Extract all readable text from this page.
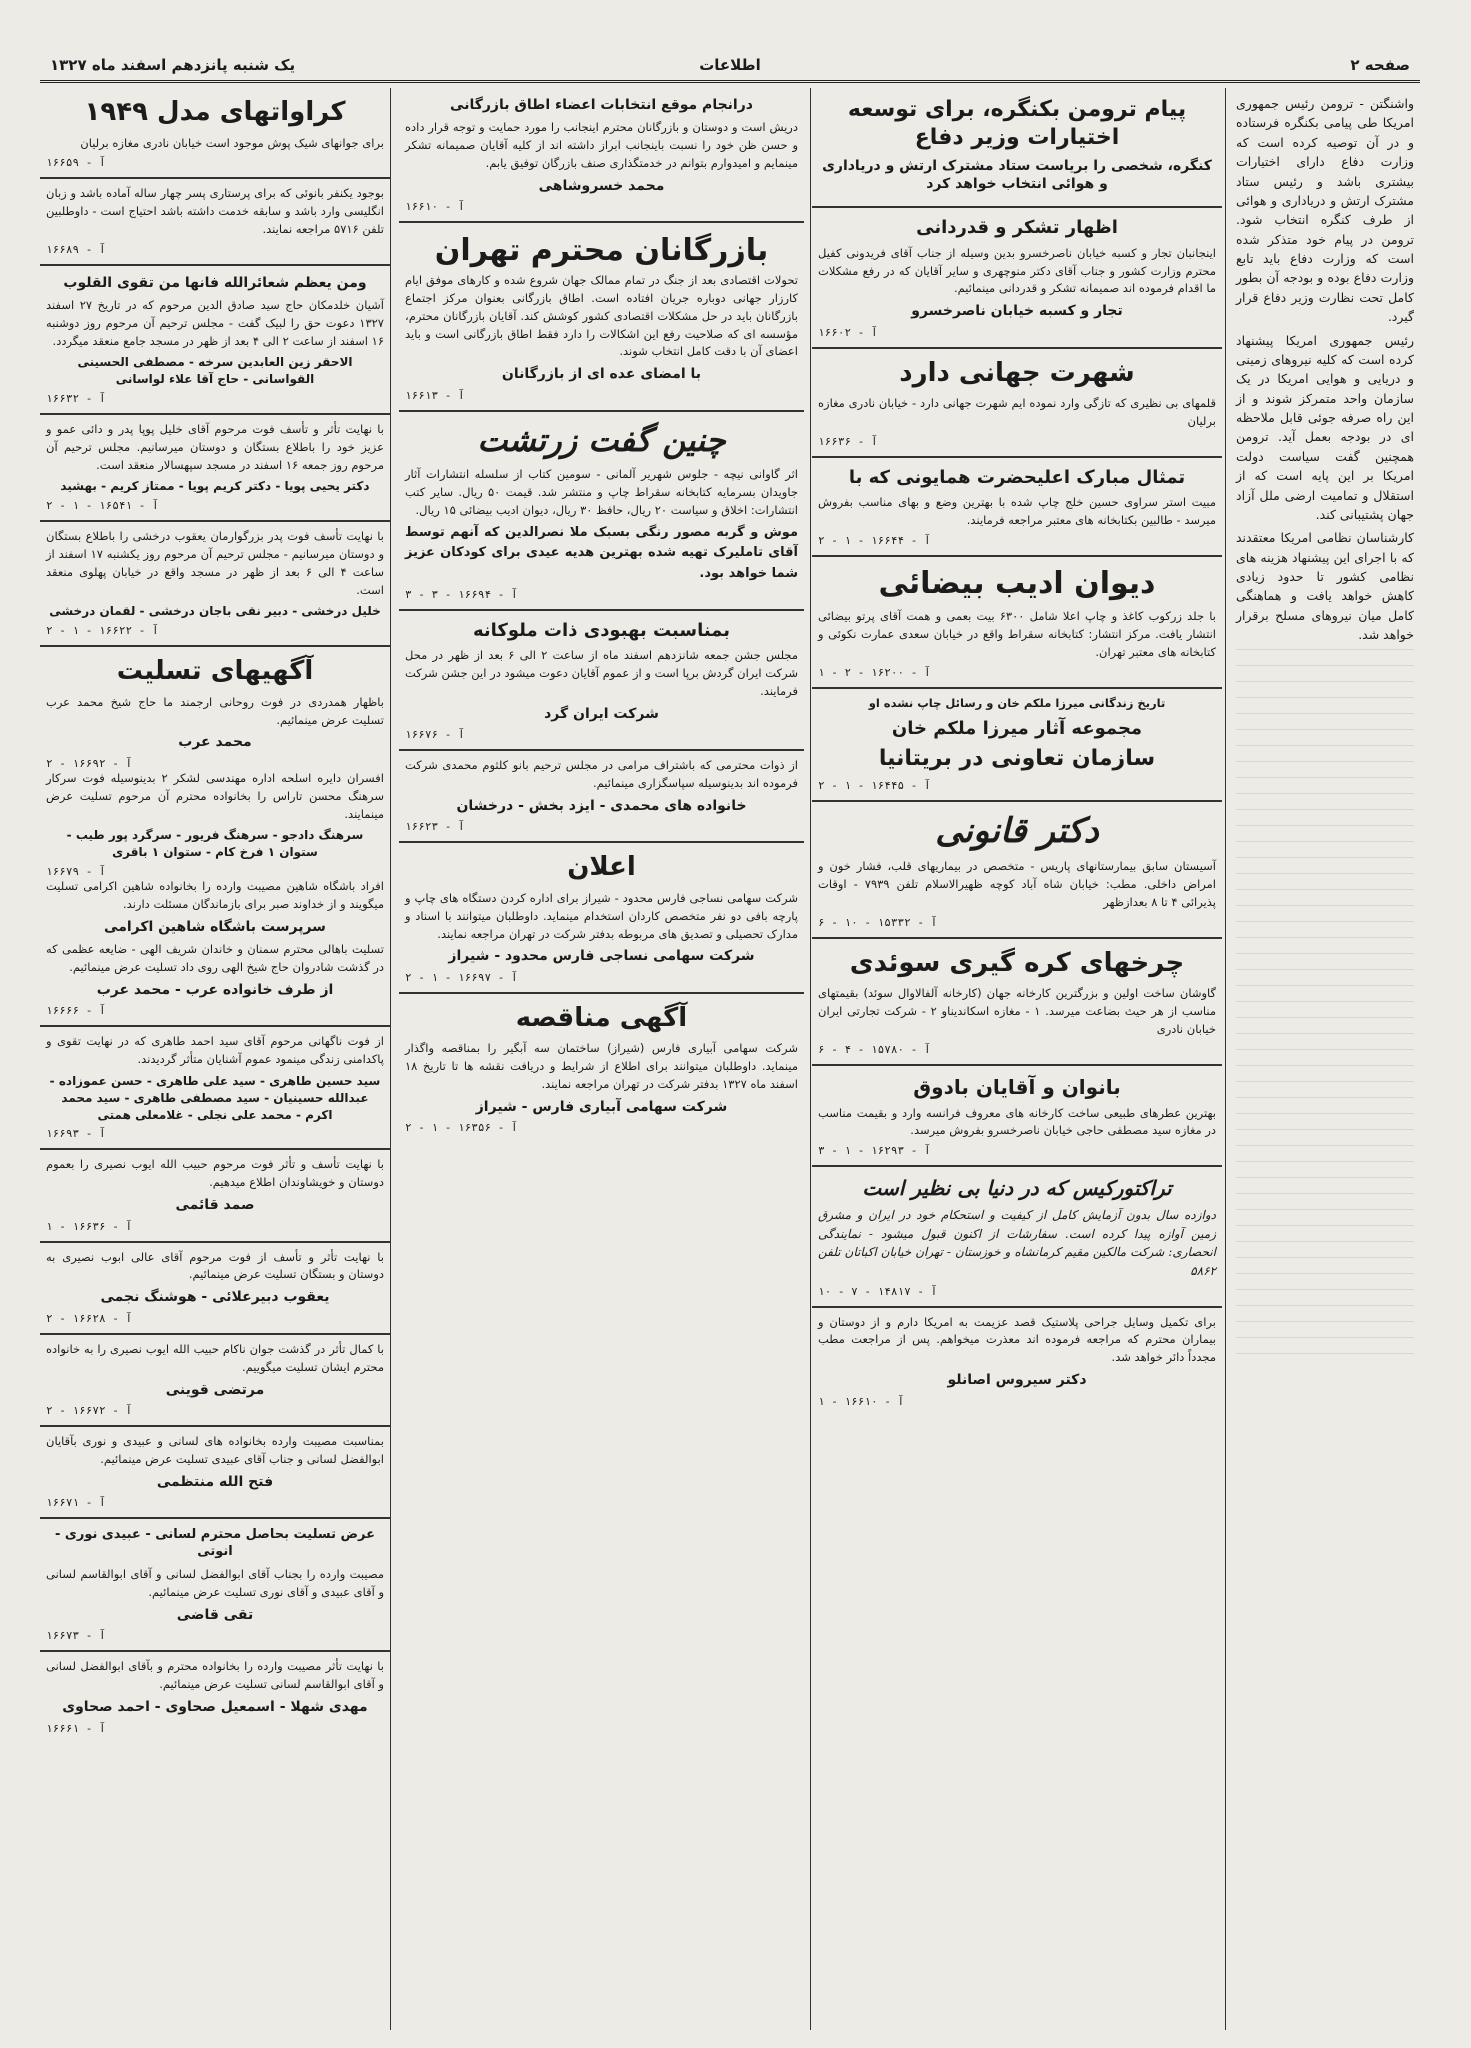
صفحه ۲
اطلاعات
یک شنبه پانزدهم اسفند ماه ۱۳۲۷

واشنگتن - ترومن رئیس جمهوری امریکا طی پیامی بکنگره فرستاده و در آن توصیه کرده است که وزارت دفاع دارای اختیارات بیشتری باشد و رئیس ستاد مشترک ارتش و دریاداری و هوائی از طرف کنگره انتخاب شود. ترومن در پیام خود متذکر شده است که وزارت دفاع باید تابع وزارت دفاع بوده و بودجه آن بطور کامل تحت نظارت وزیر دفاع قرار گیرد.

رئیس جمهوری امریکا پیشنهاد کرده است که کلیه نیروهای زمینی و دریایی و هوایی امریکا در یک سازمان واحد متمرکز شوند و از این راه صرفه جوئی قابل ملاحظه ای در بودجه بعمل آید. ترومن همچنین گفت سیاست دولت امریکا بر این پایه است که از استقلال و تمامیت ارضی ملل آزاد جهان پشتیبانی کند.

کارشناسان نظامی امریکا معتقدند که با اجرای این پیشنهاد هزینه های نظامی کشور تا حدود زیادی کاهش خواهد یافت و هماهنگی کامل میان نیروهای مسلح برقرار خواهد شد.

پیام ترومن بکنگره، برای توسعه اختیارات وزیر دفاع
کنگره، شخصی را بریاست ستاد مشترک ارتش و دریاداری و هوائی انتخاب خواهد کرد
اظهار تشکر و قدردانی

اینجانبان تجار و کسبه خیابان ناصرخسرو بدین وسیله از جناب آقای فریدونی کفیل محترم وزارت کشور و جناب آقای دکتر منوچهری و سایر آقایان که در رفع مشکلات ما اقدام فرموده اند صمیمانه تشکر و قدردانی مینمائیم.

تجار و کسبه خیابان ناصرخسرو
آ - ۱۶۶۰۲
شهرت جهانی دارد

قلمهای بی نظیری که تازگی وارد نموده ایم شهرت جهانی دارد - خیابان نادری مغازه برلیان

آ - ۱۶۶۳۶
تمثال مبارک اعلیحضرت همایونی که با

مبیت استر سراوی حسین خلج چاپ شده با بهترین وضع و بهای مناسب بفروش میرسد - طالبین بکتابخانه های معتبر مراجعه فرمایند.

آ - ۱۶۶۴۴ - ۱ - ۲
دیوان ادیب بیضائی

با جلد زرکوب کاغذ و چاپ اعلا شامل ۶۳۰۰ بیت بعمی و همت آقای پرتو بیضائی انتشار یافت. مرکز انتشار: کتابخانه سقراط واقع در خیابان سعدی عمارت نکوئی و کتابخانه های معتبر تهران.

آ - ۱۶۲۰۰ - ۲ - ۱

تاریخ زندگانی میرزا ملکم خان و رسائل چاپ نشده او

مجموعه آثار میرزا ملکم خان
سازمان تعاونی در بریتانیا
آ - ۱۶۴۴۵ - ۱ - ۲
دکتر قانونی

آسیستان سابق بیمارستانهای پاریس - متخصص در بیماریهای قلب، فشار خون و امراض داخلی. مطب: خیابان شاه آباد کوچه ظهیرالاسلام تلفن ۷۹۳۹ - اوقات پذیرائی ۴ تا ۸ بعدازظهر

آ - ۱۵۳۳۲ - ۱۰ - ۶
چرخهای کره گیری سوئدی

گاوشان ساخت اولین و بزرگترین کارخانه جهان (کارخانه آلفالاوال سوئد) بقیمتهای مناسب از هر حیث بضاعت میرسد. ۱ - مغازه اسکاندیناو ۲ - شرکت تجارتی ایران خیابان نادری

آ - ۱۵۷۸۰ - ۴ - ۶
بانوان و آقایان بادوق

بهترین عطرهای طبیعی ساخت کارخانه های معروف فرانسه وارد و بقیمت مناسب در مغازه سید مصطفی حاجی خیابان ناصرخسرو بفروش میرسد.

آ - ۱۶۲۹۳ - ۱ - ۳
تراکتورکیس که در دنیا بی نظیر است

دوازده سال بدون آزمایش کامل از کیفیت و استحکام خود در ایران و مشرق زمین آوازه پیدا کرده است. سفارشات از اکنون قبول میشود - نمایندگی انحصاری: شرکت مالکین مقیم کرمانشاه و خوزستان - تهران خیابان اکباتان تلفن ۵۸۶۲

آ - ۱۴۸۱۷ - ۷ - ۱۰

برای تکمیل وسایل جراحی پلاستیک قصد عزیمت به امریکا دارم و از دوستان و بیماران محترم که مراجعه فرموده اند معذرت میخواهم. پس از مراجعت مطب مجدداً دائر خواهد شد.

دکتر سیروس اصانلو
آ - ۱۶۶۱۰ - ۱
درانجام موقع انتخابات اعضاء اطاق بازرگانی

دریش است و دوستان و بازرگانان محترم اینجانب را مورد حمایت و توجه قرار داده و حسن ظن خود را نسبت باینجانب ابراز داشته اند از کلیه آقایان صمیمانه تشکر مینمایم و امیدوارم بتوانم در خدمتگذاری صنف بازرگان توفیق یابم.

محمد خسروشاهی
آ - ۱۶۶۱۰
بازرگانان محترم تهران

تحولات اقتصادی بعد از جنگ در تمام ممالک جهان شروع شده و کارهای موفق ایام کارزار جهانی دوباره جریان افتاده است. اطاق بازرگانی بعنوان مرکز اجتماع بازرگانان باید در حل مشکلات اقتصادی کشور کوشش کند. آقایان بازرگانان محترم، مؤسسه ای که صلاحیت رفع این اشکالات را دارد فقط اطاق بازرگانی است و باید اعضای آن با دقت کامل انتخاب شوند.

با امضای عده ای از بازرگانان
آ - ۱۶۶۱۳
چنین گفت زرتشت

اثر گاوانی نیچه - جلوس شهریر آلمانی - سومین کتاب از سلسله انتشارات آثار جاویدان بسرمایه کتابخانه سقراط چاپ و منتشر شد. قیمت ۵۰ ریال. سایر کتب انتشارات: اخلاق و سیاست ۲۰ ریال، حافظ ۳۰ ریال، دیوان ادیب بیضائی ۱۵ ریال.

موش و گربه مصور رنگی بسبک ملا نصرالدین که آنهم توسط آقای تاملیرک تهیه شده بهترین هدیه عیدی برای کودکان عزیز شما خواهد بود.

آ - ۱۶۶۹۴ - ۳ - ۳
بمناسبت بهبودی ذات ملوکانه

مجلس جشن جمعه شانزدهم اسفند ماه از ساعت ۲ الی ۶ بعد از ظهر در محل شرکت ایران گردش برپا است و از عموم آقایان دعوت میشود در این جشن شرکت فرمایند.

شرکت ایران گرد
آ - ۱۶۶۷۶

از ذوات محترمی که باشتراف مرامی در مجلس ترحیم بانو کلثوم محمدی شرکت فرموده اند بدینوسیله سپاسگزاری مینمائیم.

خانواده های محمدی - ایزد بخش - درخشان
آ - ۱۶۶۲۳
اعلان

شرکت سهامی نساجی فارس محدود - شیراز برای اداره کردن دستگاه های چاپ و پارچه بافی دو نفر متخصص کاردان استخدام مینماید. داوطلبان میتوانند با اسناد و مدارک تحصیلی و تصدیق های مربوطه بدفتر شرکت در تهران مراجعه نمایند.

شرکت سهامی نساجی فارس محدود - شیراز
آ - ۱۶۶۹۷ - ۱ - ۲
آگهی مناقصه

شرکت سهامی آبیاری فارس (شیراز) ساختمان سه آبگیر را بمناقصه واگذار مینماید. داوطلبان میتوانند برای اطلاع از شرایط و دریافت نقشه ها تا تاریخ ۱۸ اسفند ماه ۱۳۲۷ بدفتر شرکت در تهران مراجعه نمایند.

شرکت سهامی آبیاری فارس - شیراز
آ - ۱۶۳۵۶ - ۱ - ۲
کراواتهای مدل ۱۹۴۹

برای جوانهای شیک پوش موجود است خیابان نادری مغازه برلیان

آ - ۱۶۶۵۹

بوجود یکنفر بانوئی که برای پرستاری پسر چهار ساله آماده باشد و زبان انگلیسی وارد باشد و سابقه خدمت داشته باشد احتیاج است - داوطلبین تلفن ۵۷۱۶ مراجعه نمایند.

آ - ۱۶۶۸۹
ومن یعظم شعائرالله فانها من تقوی القلوب

آشیان خلدمکان حاج سید صادق الدین مرحوم که در تاریخ ۲۷ اسفند ۱۳۲۷ دعوت حق را لبیک گفت - مجلس ترحیم آن مرحوم روز دوشنبه ۱۶ اسفند از ساعت ۲ الی ۴ بعد از ظهر در مسجد جامع منعقد میگردد.

الاحقر زین العابدین سرخه - مصطفی الحسینی القواسانی - حاج آقا علاء لواسانی
آ - ۱۶۶۳۲

با نهایت تأثر و تأسف فوت مرحوم آقای خلیل پوپا پدر و دائی عمو و عزیز خود را باطلاع بستگان و دوستان میرسانیم. مجلس ترحیم آن مرحوم روز جمعه ۱۶ اسفند در مسجد سپهسالار منعقد است.

دکتر یحیی پویا - دکتر کریم پویا - ممتاز کریم - بهشید
آ - ۱۶۵۴۱ - ۱ - ۲

با نهایت تأسف فوت پدر بزرگوارمان یعقوب درخشی را باطلاع بستگان و دوستان میرسانیم - مجلس ترحیم آن مرحوم روز یکشنبه ۱۷ اسفند از ساعت ۴ الی ۶ بعد از ظهر در مسجد واقع در خیابان پهلوی منعقد است.

خلیل درخشی - دبیر نقی باجان درخشی - لقمان درخشی
آ - ۱۶۶۲۲ - ۱ - ۲
آگهیهای تسلیت

باظهار همدردی در فوت روحانی ارجمند ما حاج شیخ محمد عرب تسلیت عرض مینمائیم.

محمد عرب
آ - ۱۶۶۹۲ - ۲

افسران دایره اسلحه اداره مهندسی لشکر ۲ بدینوسیله فوت سرکار سرهنگ محسن تاراس را بخانواده محترم آن مرحوم تسلیت عرض مینمایند.

سرهنگ دادجو - سرهنگ فریور - سرگرد پور طیب - ستوان ۱ فرخ کام - ستوان ۱ باقری
آ - ۱۶۶۷۹

افراد باشگاه شاهین مصیبت وارده را بخانواده شاهین اکرامی تسلیت میگویند و از خداوند صبر برای بازماندگان مسئلت دارند.

سرپرست باشگاه شاهین اکرامی

تسلیت باهالی محترم سمنان و خاندان شریف الهی - ضایعه عظمی که در گذشت شادروان حاج شیخ الهی روی داد تسلیت عرض مینمائیم.

از طرف خانواده عرب - محمد عرب
آ - ۱۶۶۶۶

از فوت ناگهانی مرحوم آقای سید احمد طاهری که در نهایت تقوی و پاکدامنی زندگی مینمود عموم آشنایان متأثر گردیدند.

سید حسین طاهری - سید علی طاهری - حسن عموزاده - عبدالله حسینیان - سید مصطفی طاهری - سید محمد اکرم - محمد علی نجلی - غلامعلی همتی
آ - ۱۶۶۹۳

با نهایت تأسف و تأثر فوت مرحوم حبیب الله ایوب نصیری را بعموم دوستان و خویشاوندان اطلاع میدهیم.

صمد قائمی
آ - ۱۶۶۳۶ - ۱

با نهایت تأثر و تأسف از فوت مرحوم آقای عالی ابوب نصیری به دوستان و بستگان تسلیت عرض مینمائیم.

یعقوب دبیرعلائی - هوشنگ نجمی
آ - ۱۶۶۲۸ - ۲

با کمال تأثر در گذشت جوان ناکام حبیب الله ایوب نصیری را به خانواده محترم ایشان تسلیت میگوییم.

مرتضی قوینی
آ - ۱۶۶۷۲ - ۲

بمناسبت مصیبت وارده بخانواده های لسانی و عبیدی و نوری بآقایان ابوالفضل لسانی و جناب آقای عبیدی تسلیت عرض مینمائیم.

فتح الله منتظمی
آ - ۱۶۶۷۱
عرض تسلیت بحاصل محترم لسانی - عبیدی نوری - انوتی

مصیبت وارده را بجناب آقای ابوالفضل لسانی و آقای ابوالقاسم لسانی و آقای عبیدی و آقای نوری تسلیت عرض مینمائیم.

تقی قاضی
آ - ۱۶۶۷۳

با نهایت تأثر مصیبت وارده را بخانواده محترم و بآقای ابوالفضل لسانی و آقای ابوالقاسم لسانی تسلیت عرض مینمائیم.

مهدی شهلا - اسمعیل صحاوی - احمد صحاوی
آ - ۱۶۶۶۱
